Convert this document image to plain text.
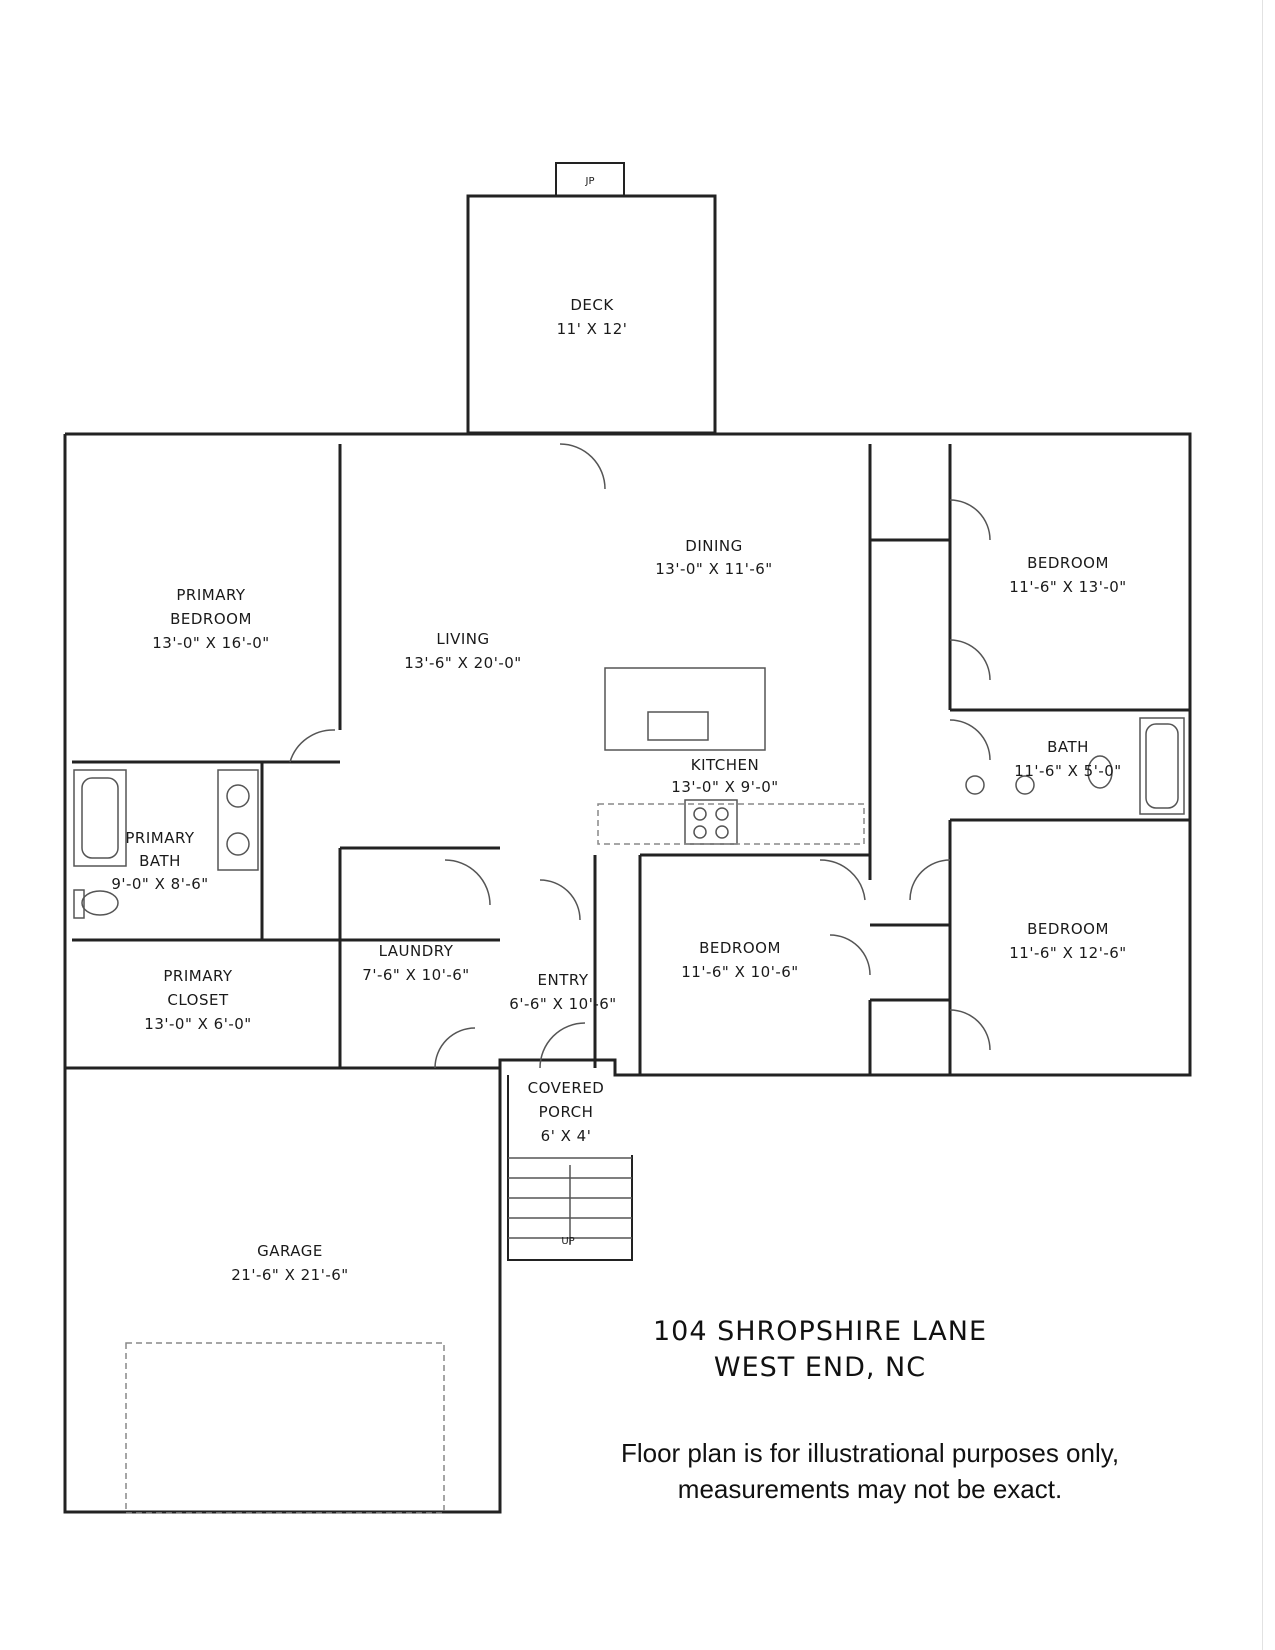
JP
DECK
11' X 12'
DINING
13'-0" X 11'-6"
PRIMARY
BEDROOM
13'-0" X 16'-0"	LIVING
13'-6" X 20'-0"
BEDROOM
11'-6" X 13'-0"
KITCHEN
13'-0" X 9'-0"
BATH
11'-6" X 5'-0"
PRIMARY
BATH
9'-0" X 8'-6"
BEDROOM
11'-6" X 12'-6"
BEDROOM
11'-6" X 10'-6"
LAUNDRY
7'-6" X 10'-6"	ENTRY
6'-6" X 10'-6"
PRIMARY
CLOSET
13'-0" X 6'-0"
COVERED
PORCH
6' X 4'
UP
GARAGE
21'-6" X 21'-6"
104 SHROPSHIRE LANE
WEST END, NC
Floor plan is for illustrational purposes only,
measurements may not be exact.
